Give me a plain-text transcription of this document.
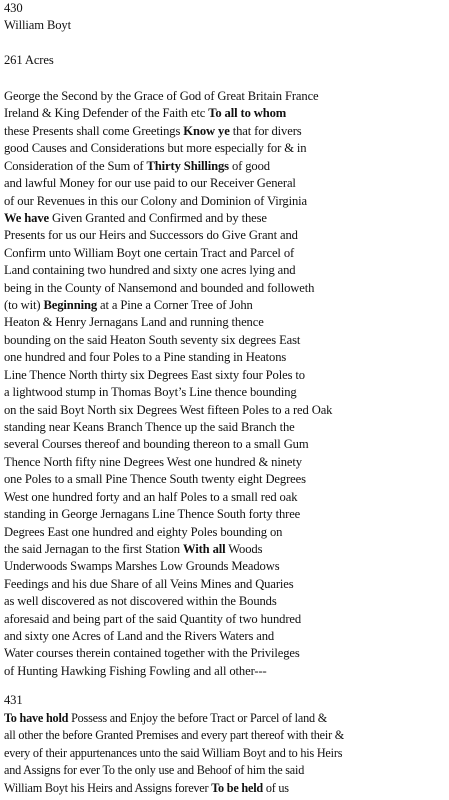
430
William Boyt
261 Acres
George the Second by the Grace of God of Great Britain France
Ireland & King Defender of the Faith etc To all to whom
these Presents shall come Greetings Know ye that for divers
good Causes and Considerations but more especially for & in
Consideration of the Sum of Thirty Shillings of good
and lawful Money for our use paid to our Receiver General
of our Revenues in this our Colony and Dominion of Virginia
We have Given Granted and Confirmed and by these
Presents for us our Heirs and Successors do Give Grant and
Confirm unto William Boyt one certain Tract and Parcel of
Land containing two hundred and sixty one acres lying and
being in the County of Nansemond and bounded and followeth
(to wit) Beginning at a Pine a Corner Tree of John
Heaton & Henry Jernagans Land and running thence
bounding on the said Heaton South seventy six degrees East
one hundred and four Poles to a Pine standing in Heatons
Line Thence North thirty six Degrees East sixty four Poles to
a lightwood stump in Thomas Boyt’s Line thence bounding
on the said Boyt North six Degrees West fifteen Poles to a red Oak
standing near Keans Branch Thence up the said Branch the
several Courses thereof and bounding thereon to a small Gum
Thence North fifty nine Degrees West one hundred & ninety
one Poles to a small Pine Thence South twenty eight Degrees
West one hundred forty and an half Poles to a small red oak
standing in George Jernagans Line Thence South forty three
Degrees East one hundred and eighty Poles bounding on
the said Jernagan to the first Station With all Woods
Underwoods Swamps Marshes Low Grounds Meadows
Feedings and his due Share of all Veins Mines and Quaries
as well discovered as not discovered within the Bounds
aforesaid and being part of the said Quantity of two hundred
and sixty one Acres of Land and the Rivers Waters and
Water courses therein contained together with the Privileges
of Hunting Hawking Fishing Fowling and all other---
431
To have hold Possess and Enjoy the before Tract or Parcel of land &
all other the before Granted Premises and every part thereof with their &
every of their appurtenances unto the said William Boyt and to his Heirs
and Assigns for ever To the only use and Behoof of him the said
William Boyt his Heirs and Assigns forever To be held of us
